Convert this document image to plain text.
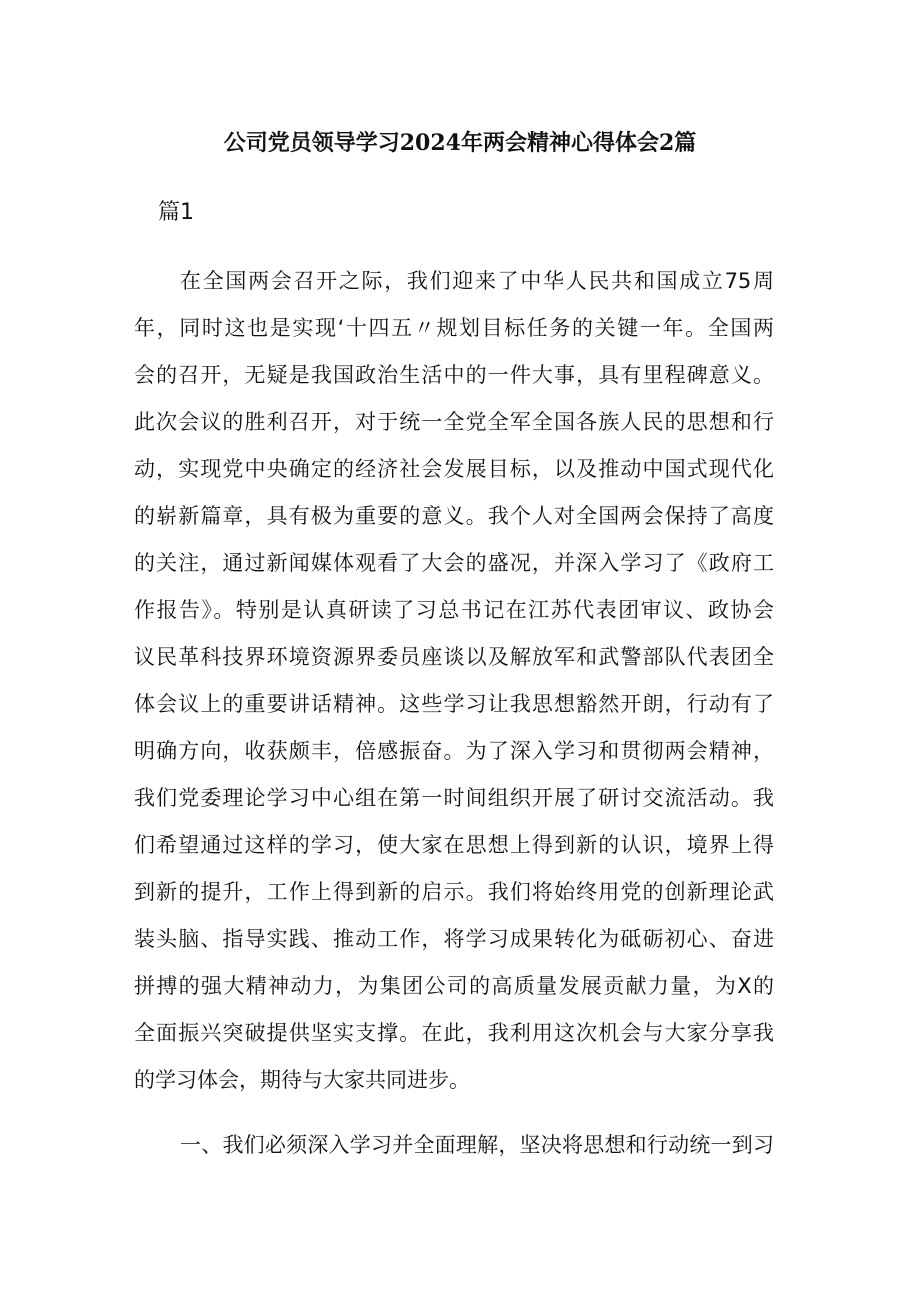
公司党员领导学习2024年两会精神心得体会2篇
篇1
在全国两会召开之际，我们迎来了中华人民共和国成立75周
年，同时这也是实现‘十四五〃规划目标任务的关键一年。全国两
会的召开，无疑是我国政治生活中的一件大事，具有里程碑意义。
此次会议的胜利召开，对于统一全党全军全国各族人民的思想和行
动，实现党中央确定的经济社会发展目标，以及推动中国式现代化
的崭新篇章，具有极为重要的意义。我个人对全国两会保持了高度
的关注，通过新闻媒体观看了大会的盛况，并深入学习了《政府工
作报告》。特别是认真研读了习总书记在江苏代表团审议、政协会
议民革科技界环境资源界委员座谈以及解放军和武警部队代表团全
体会议上的重要讲话精神。这些学习让我思想豁然开朗，行动有了
明确方向，收获颇丰，倍感振奋。为了深入学习和贯彻两会精神，
我们党委理论学习中心组在第一时间组织开展了研讨交流活动。我
们希望通过这样的学习，使大家在思想上得到新的认识，境界上得
到新的提升，工作上得到新的启示。我们将始终用党的创新理论武
装头脑、指导实践、推动工作，将学习成果转化为砥砺初心、奋进
拼搏的强大精神动力，为集团公司的高质量发展贡献力量，为X的
全面振兴突破提供坚实支撑。在此，我利用这次机会与大家分享我
的学习体会，期待与大家共同进步。
一、我们必须深入学习并全面理解，坚决将思想和行动统一到习
